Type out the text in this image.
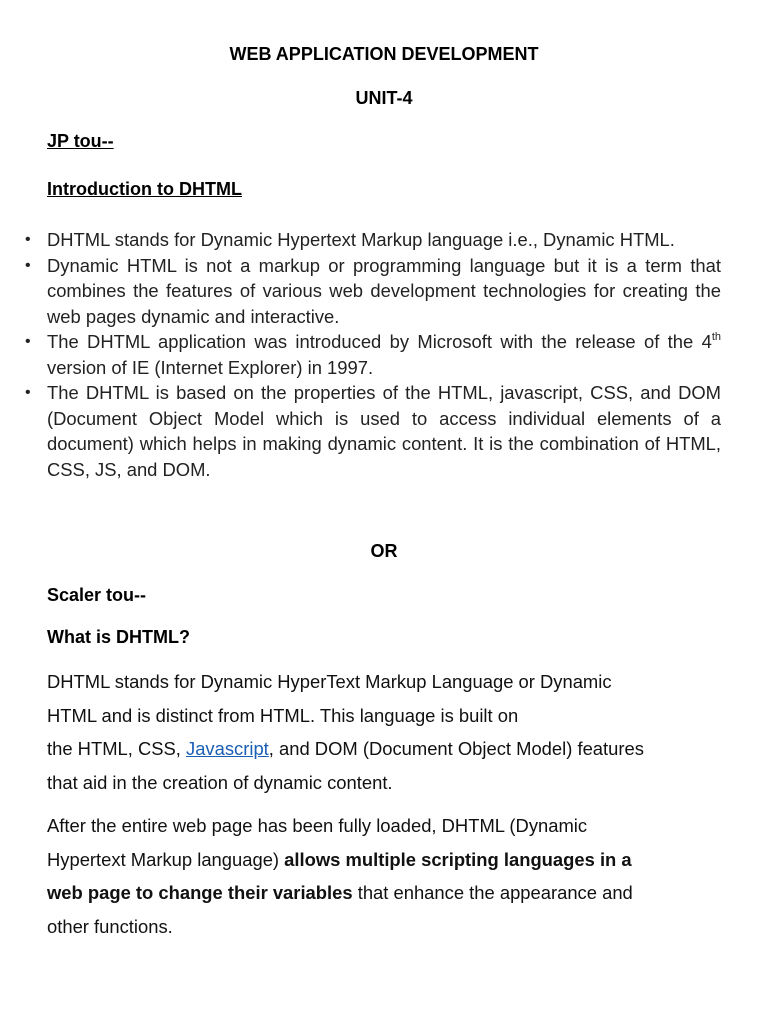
WEB APPLICATION DEVELOPMENT
UNIT-4
JP tou--
Introduction to DHTML
• DHTML stands for Dynamic Hypertext Markup language i.e., Dynamic HTML.
• Dynamic HTML is not a markup or programming language but it is a term that combines the features of various web development technologies for creating the web pages dynamic and interactive.
• The DHTML application was introduced by Microsoft with the release of the 4th version of IE (Internet Explorer) in 1997.
• The DHTML is based on the properties of the HTML, javascript, CSS, and DOM (Document Object Model which is used to access individual elements of a document) which helps in making dynamic content. It is the combination of HTML, CSS, JS, and DOM.
OR
Scaler tou--
What is DHTML?
DHTML stands for Dynamic HyperText Markup Language or Dynamic
HTML and is distinct from HTML. This language is built on
the HTML, CSS, Javascript, and DOM (Document Object Model) features
that aid in the creation of dynamic content.
After the entire web page has been fully loaded, DHTML (Dynamic
Hypertext Markup language) allows multiple scripting languages in a
web page to change their variables that enhance the appearance and
other functions.
